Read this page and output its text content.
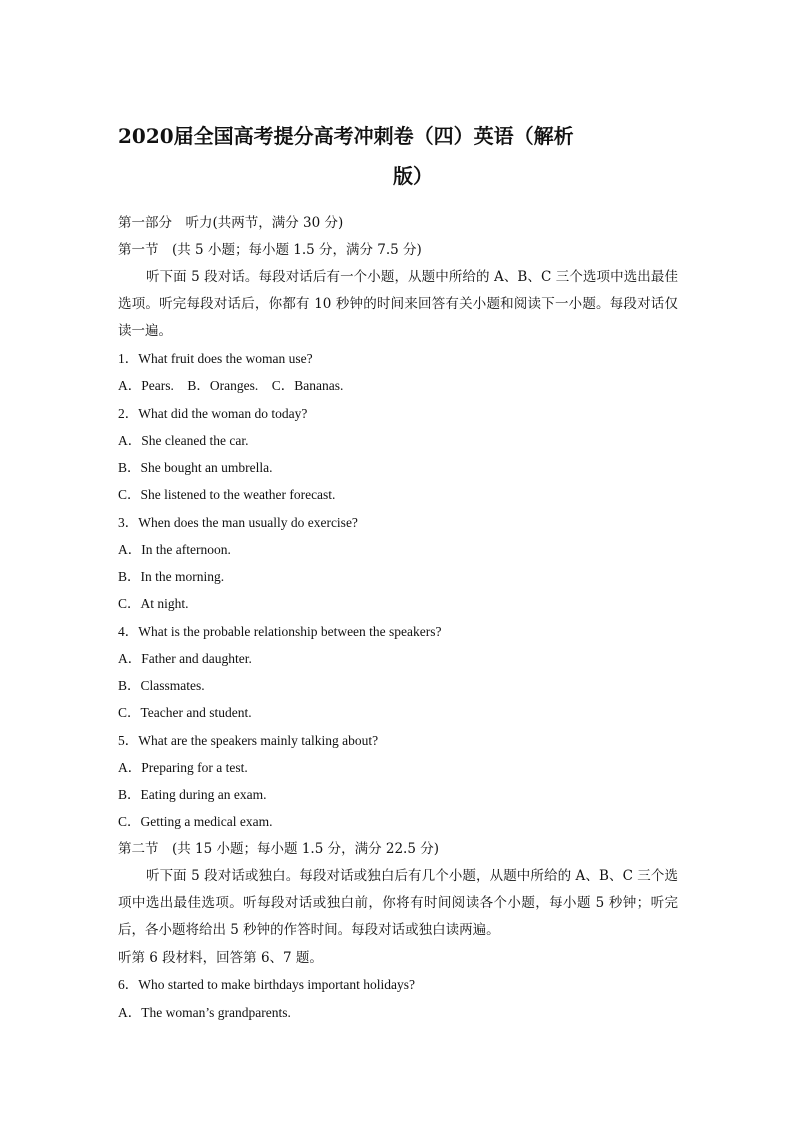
2020届全国高考提分高考冲刺卷（四）英语（解析
版）
第一部分　听力(共两节，满分 30 分)
第一节　(共 5 小题；每小题 1.5 分，满分 7.5 分)

听下面 5 段对话。每段对话后有一个小题，从题中所给的 A、B、C 三个选项中选出最佳选项。听完每段对话后，你都有 10 秒钟的时间来回答有关小题和阅读下一小题。每段对话仅读一遍。

1．What fruit does the woman use?
A．Pears.　B．Oranges.　C．Bananas.
2．What did the woman do today?
A．She cleaned the car.
B．She bought an umbrella.
C．She listened to the weather forecast.
3．When does the man usually do exercise?
A．In the afternoon.
B．In the morning.
C．At night.
4．What is the probable relationship between the speakers?
A．Father and daughter.
B．Classmates.
C．Teacher and student.
5．What are the speakers mainly talking about?
A．Preparing for a test.
B．Eating during an exam.
C．Getting a medical exam.
第二节　(共 15 小题；每小题 1.5 分，满分 22.5 分)

听下面 5 段对话或独白。每段对话或独白后有几个小题，从题中所给的 A、B、C 三个选项中选出最佳选项。听每段对话或独白前，你将有时间阅读各个小题，每小题 5 秒钟；听完后，各小题将给出 5 秒钟的作答时间。每段对话或独白读两遍。

听第 6 段材料，回答第 6、7 题。
6．Who started to make birthdays important holidays?
A．The woman’s grandparents.
